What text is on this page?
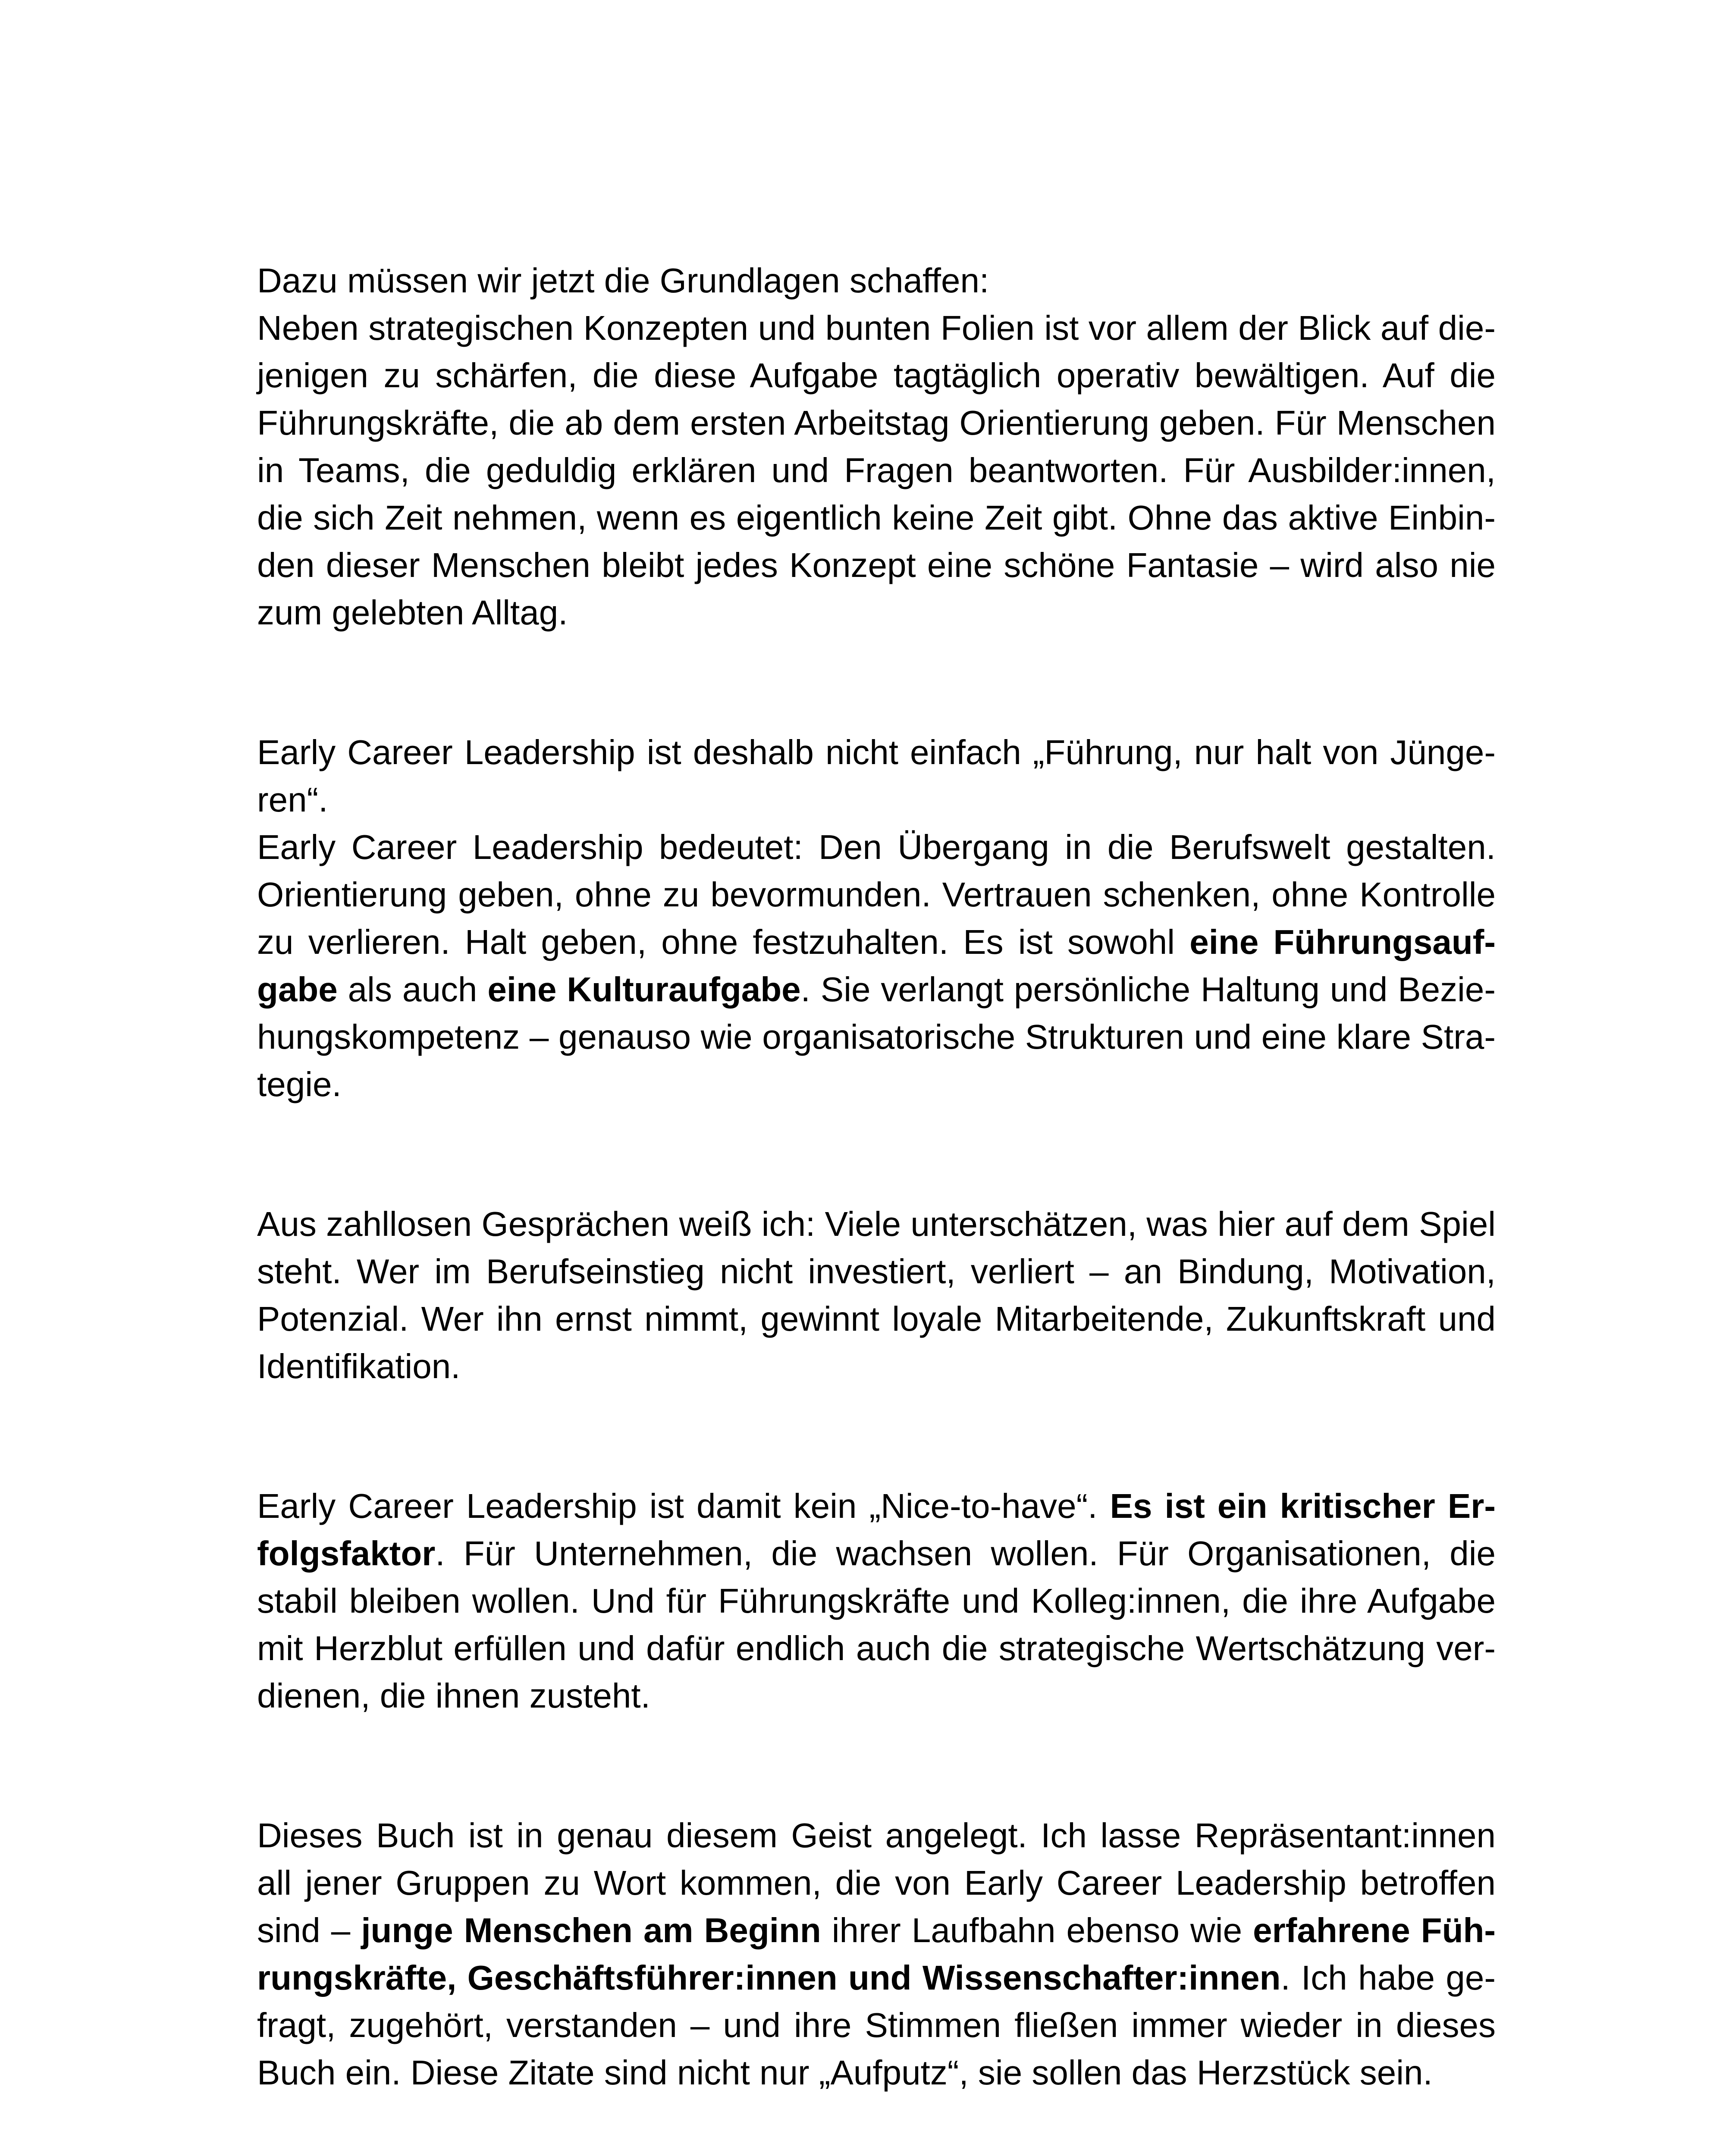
Dazu müssen wir jetzt die Grundlagen schaffen:
Neben strategischen Konzepten und bunten Folien ist vor allem der Blick auf die-
jenigen zu schärfen, die diese Aufgabe tagtäglich operativ bewältigen. Auf die
Führungskräfte, die ab dem ersten Arbeitstag Orientierung geben. Für Menschen
in Teams, die geduldig erklären und Fragen beantworten. Für Ausbilder:innen,
die sich Zeit nehmen, wenn es eigentlich keine Zeit gibt. Ohne das aktive Einbin-
den dieser Menschen bleibt jedes Konzept eine schöne Fantasie – wird also nie
zum gelebten Alltag.

Early Career Leadership ist deshalb nicht einfach „Führung, nur halt von Jünge-
ren“.
Early Career Leadership bedeutet: Den Übergang in die Berufswelt gestalten.
Orientierung geben, ohne zu bevormunden. Vertrauen schenken, ohne Kontrolle
zu verlieren. Halt geben, ohne festzuhalten. Es ist sowohl eine Führungsauf-
gabe als auch eine Kulturaufgabe. Sie verlangt persönliche Haltung und Bezie-
hungskompetenz – genauso wie organisatorische Strukturen und eine klare Stra-
tegie.

Aus zahllosen Gesprächen weiß ich: Viele unterschätzen, was hier auf dem Spiel
steht. Wer im Berufseinstieg nicht investiert, verliert – an Bindung, Motivation,
Potenzial. Wer ihn ernst nimmt, gewinnt loyale Mitarbeitende, Zukunftskraft und
Identifikation.

Early Career Leadership ist damit kein „Nice-to-have“. Es ist ein kritischer Er-
folgsfaktor. Für Unternehmen, die wachsen wollen. Für Organisationen, die
stabil bleiben wollen. Und für Führungskräfte und Kolleg:innen, die ihre Aufgabe
mit Herzblut erfüllen und dafür endlich auch die strategische Wertschätzung ver-
dienen, die ihnen zusteht.

Dieses Buch ist in genau diesem Geist angelegt. Ich lasse Repräsentant:innen
all jener Gruppen zu Wort kommen, die von Early Career Leadership betroffen
sind – junge Menschen am Beginn ihrer Laufbahn ebenso wie erfahrene Füh-
rungskräfte, Geschäftsführer:innen und Wissenschafter:innen. Ich habe ge-
fragt, zugehört, verstanden – und ihre Stimmen fließen immer wieder in dieses
Buch ein. Diese Zitate sind nicht nur „Aufputz“, sie sollen das Herzstück sein.
